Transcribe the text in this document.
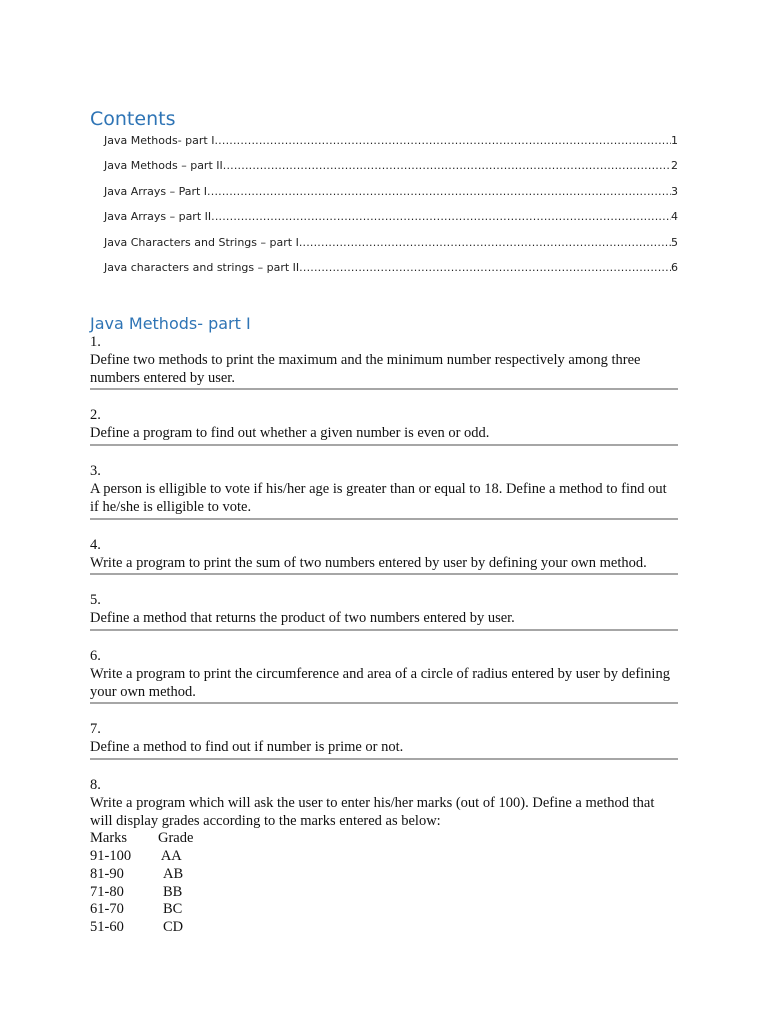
Contents
Java Methods- part I .....	1
Java Methods – part II .....	2
Java Arrays – Part I .....	3
Java Arrays – part II .....	4
Java Characters and Strings – part I .....	5
Java characters and strings – part II .....	6
Java Methods- part I
1.
Define two methods to print the maximum and the minimum number respectively among three numbers entered by user.
2.
Define a program to find out whether a given number is even or odd.
3.
A person is elligible to vote if his/her age is greater than or equal to 18. Define a method to find out if he/she is elligible to vote.
4.
Write a program to print the sum of two numbers entered by user by defining your own method.
5.
Define a method that returns the product of two numbers entered by user.
6.
Write a program to print the circumference and area of a circle of radius entered by user by defining your own method.
7.
Define a method to find out if number is prime or not.
8.
Write a program which will ask the user to enter his/her marks (out of 100). Define a method that will display grades according to the marks entered as below:
Marks	Grade
91-100	AA
81-90	AB
71-80	BB
61-70	BC
51-60	CD
